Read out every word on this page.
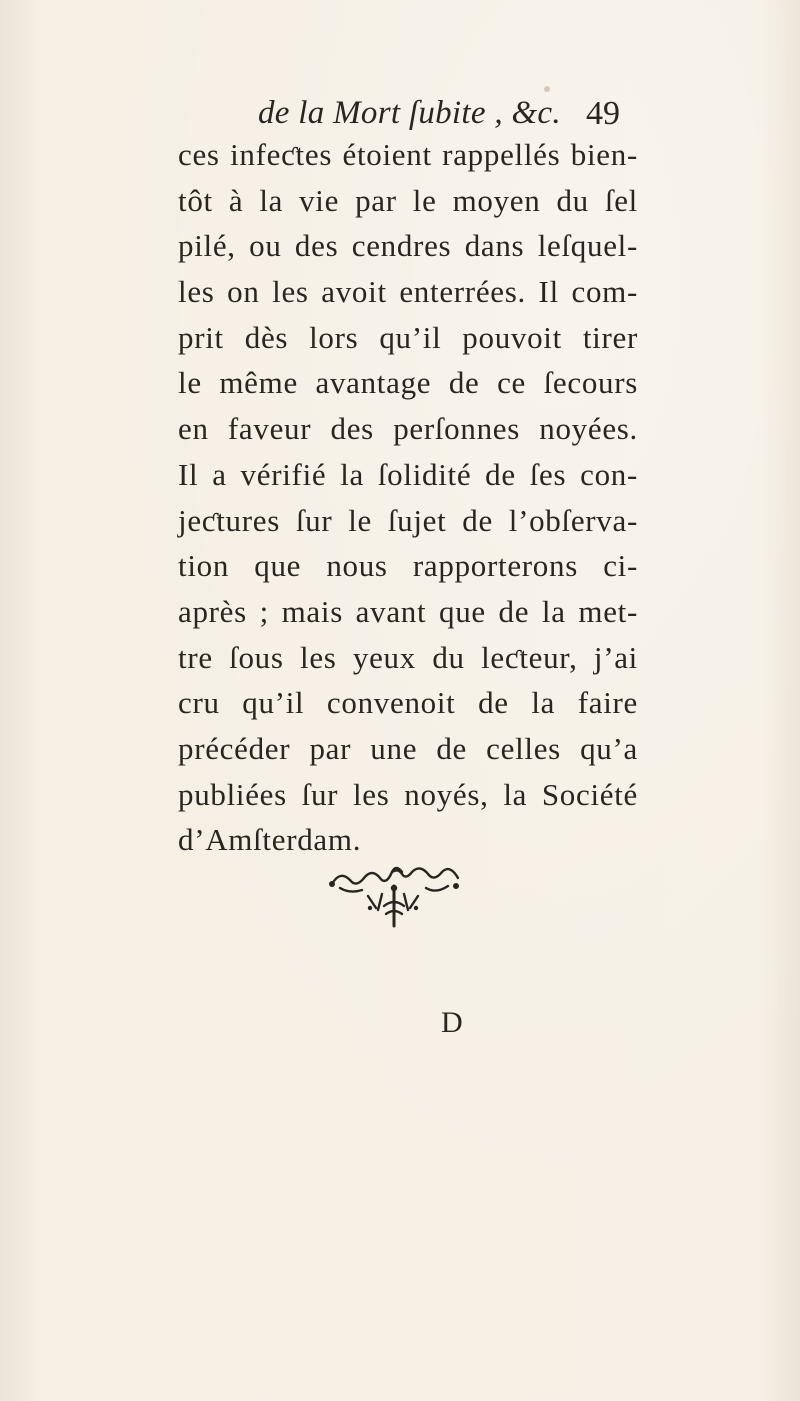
de la Mort ſubite , &c. 49
ces infeƈtes étoient rappellés bien-
tôt à la vie par le moyen du ſel
pilé, ou des cendres dans leſquel-
les on les avoit enterrées. Il com-
prit dès lors qu’il pouvoit tirer
le même avantage de ce ſecours
en faveur des perſonnes noyées.
Il a vérifié la ſolidité de ſes con-
jeƈtures ſur le ſujet de l’obſerva-
tion que nous rapporterons ci-
après ; mais avant que de la met-
tre ſous les yeux du leƈteur, j’ai
cru qu’il convenoit de la faire
précéder par une de celles qu’a
publiées ſur les noyés, la Société
d’Amſterdam.
D
